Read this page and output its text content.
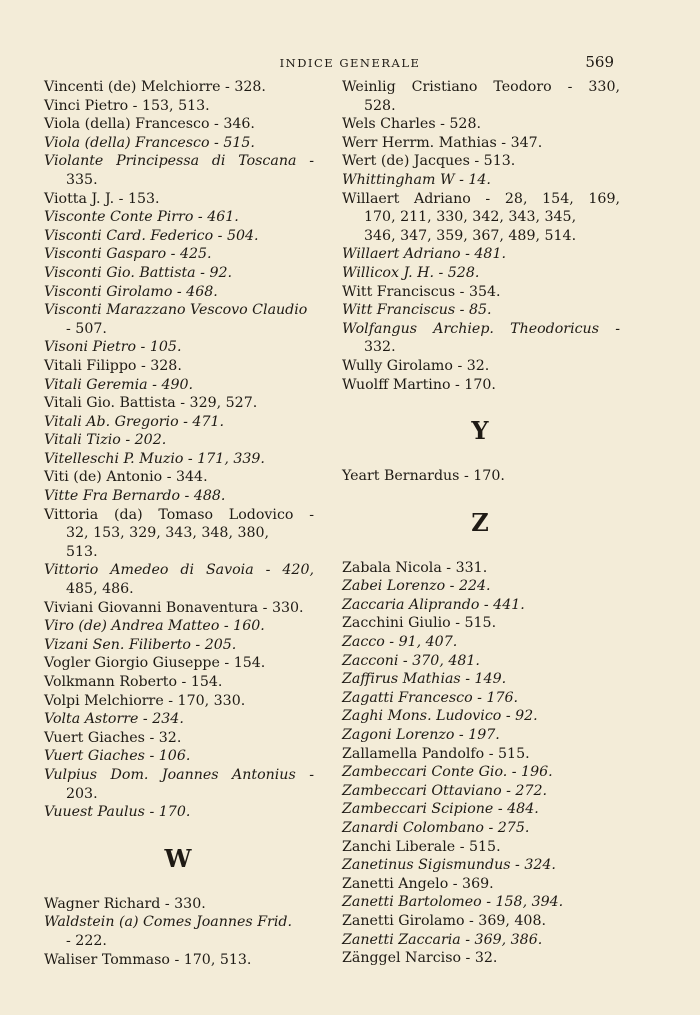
INDICE GENERALE	569
Vincenti (de) Melchiorre - 328.
Vinci Pietro - 153, 513.
Viola (della) Francesco - 346.
Viola (della) Francesco - 515.
Violante Principessa di Toscana -
335.
Viotta J. J. - 153.
Visconte Conte Pirro - 461.
Visconti Card. Federico - 504.
Visconti Gasparo - 425.
Visconti Gio. Battista - 92.
Visconti Girolamo - 468.
Visconti Marazzano Vescovo Claudio
- 507.
Visoni Pietro - 105.
Vitali Filippo - 328.
Vitali Geremia - 490.
Vitali Gio. Battista - 329, 527.
Vitali Ab. Gregorio - 471.
Vitali Tizio - 202.
Vitelleschi P. Muzio - 171, 339.
Viti (de) Antonio - 344.
Vitte Fra Bernardo - 488.
Vittoria (da) Tomaso Lodovico -
32, 153, 329, 343, 348, 380,
513.
Vittorio Amedeo di Savoia - 420,
485, 486.
Viviani Giovanni Bonaventura - 330.
Viro (de) Andrea Matteo - 160.
Vizani Sen. Filiberto - 205.
Vogler Giorgio Giuseppe - 154.
Volkmann Roberto - 154.
Volpi Melchiorre - 170, 330.
Volta Astorre - 234.
Vuert Giaches - 32.
Vuert Giaches - 106.
Vulpius Dom. Joannes Antonius -
203.
Vuuest Paulus - 170.
W
Wagner Richard - 330.
Waldstein (a) Comes Joannes Frid.
- 222.
Waliser Tommaso - 170, 513.
Weinlig Cristiano Teodoro - 330,
528.
Wels Charles - 528.
Werr Herrm. Mathias - 347.
Wert (de) Jacques - 513.
Whittingham W - 14.
Willaert Adriano - 28, 154, 169,
170, 211, 330, 342, 343, 345,
346, 347, 359, 367, 489, 514.
Willaert Adriano - 481.
Willicox J. H. - 528.
Witt Franciscus - 354.
Witt Franciscus - 85.
Wolfangus Archiep. Theodoricus -
332.
Wully Girolamo - 32.
Wuolff Martino - 170.
Y
Yeart Bernardus - 170.
Z
Zabala Nicola - 331.
Zabei Lorenzo - 224.
Zaccaria Aliprando - 441.
Zacchini Giulio - 515.
Zacco - 91, 407.
Zacconi - 370, 481.
Zaffirus Mathias - 149.
Zagatti Francesco - 176.
Zaghi Mons. Ludovico - 92.
Zagoni Lorenzo - 197.
Zallamella Pandolfo - 515.
Zambeccari Conte Gio. - 196.
Zambeccari Ottaviano - 272.
Zambeccari Scipione - 484.
Zanardi Colombano - 275.
Zanchi Liberale - 515.
Zanetinus Sigismundus - 324.
Zanetti Angelo - 369.
Zanetti Bartolomeo - 158, 394.
Zanetti Girolamo - 369, 408.
Zanetti Zaccaria - 369, 386.
Zänggel Narciso - 32.
